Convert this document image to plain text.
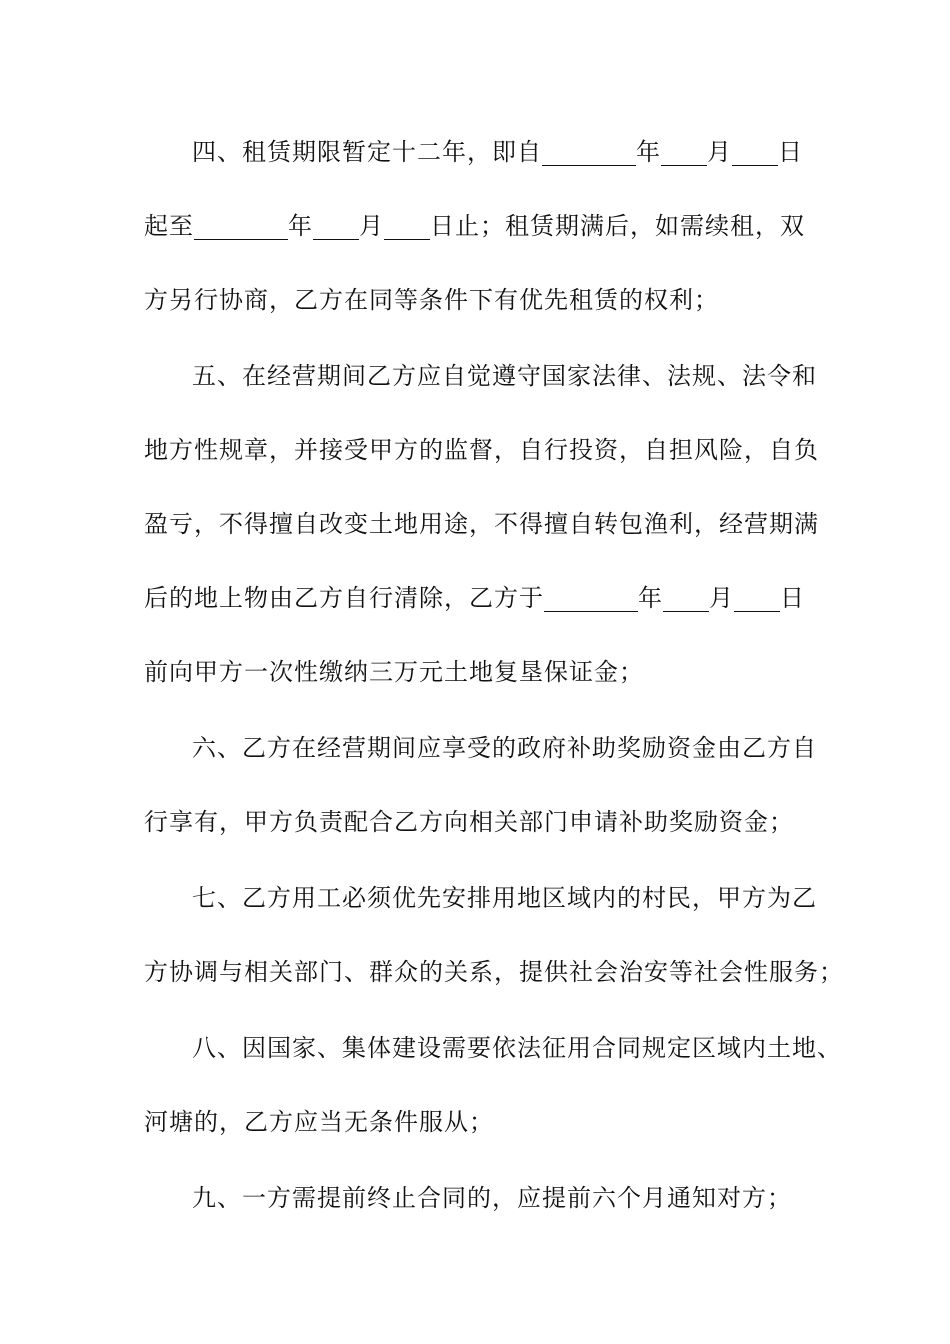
四、租赁期限暂定十二年，即自	年 月 日
起至	年 月 日止；租赁期满后，如需续租，双
方另行协商，乙方在同等条件下有优先租赁的权利；
五、在经营期间乙方应自觉遵守国家法律、法规、法令和
地方性规章，并接受甲方的监督，自行投资，自担风险，自负
盈亏，不得擅自改变土地用途，不得擅自转包渔利，经营期满
后的地上物由乙方自行清除，乙方于	年 月 日
前向甲方一次性缴纳三万元土地复垦保证金；
六、乙方在经营期间应享受的政府补助奖励资金由乙方自
行享有，甲方负责配合乙方向相关部门申请补助奖励资金；
七、乙方用工必须优先安排用地区域内的村民，甲方为乙
方协调与相关部门、群众的关系，提供社会治安等社会性服务；
八、因国家、集体建设需要依法征用合同规定区域内土地、
河塘的，乙方应当无条件服从；
九、一方需提前终止合同的，应提前六个月通知对方；
